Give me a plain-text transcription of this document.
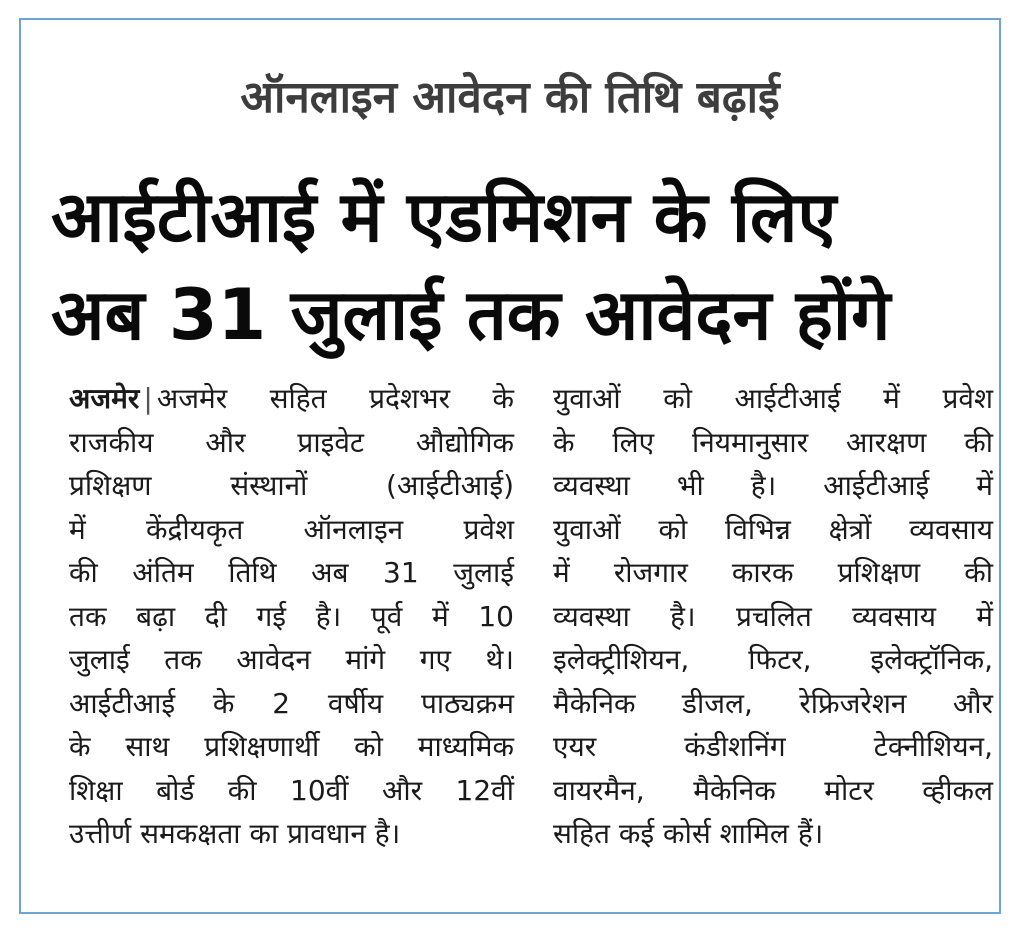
ऑनलाइन आवेदन की तिथि बढ़ाई
आईटीआई में एडमिशन के लिए
अब 31 जुलाई तक आवेदन होंगे
अजमेर | अजमेर सहित प्रदेशभर के
राजकीय और प्राइवेट औद्योगिक
प्रशिक्षण संस्थानों (आईटीआई)
में केंद्रीयकृत ऑनलाइन प्रवेश
की अंतिम तिथि अब 31 जुलाई
तक बढ़ा दी गई है। पूर्व में 10
जुलाई तक आवेदन मांगे गए थे।
आईटीआई के 2 वर्षीय पाठ्यक्रम
के साथ प्रशिक्षणार्थी को माध्यमिक
शिक्षा बोर्ड की 10वीं और 12वीं
उत्तीर्ण समकक्षता का प्रावधान है।
युवाओं को आईटीआई में प्रवेश
के लिए नियमानुसार आरक्षण की
व्यवस्था भी है। आईटीआई में
युवाओं को विभिन्न क्षेत्रों व्यवसाय
में रोजगार कारक प्रशिक्षण की
व्यवस्था है। प्रचलित व्यवसाय में
इलेक्ट्रीशियन, फिटर, इलेक्ट्रॉनिक,
मैकेनिक डीजल, रेफ्रिजरेशन और
एयर कंडीशनिंग टेक्नीशियन,
वायरमैन, मैकेनिक मोटर व्हीकल
सहित कई कोर्स शामिल हैं।
